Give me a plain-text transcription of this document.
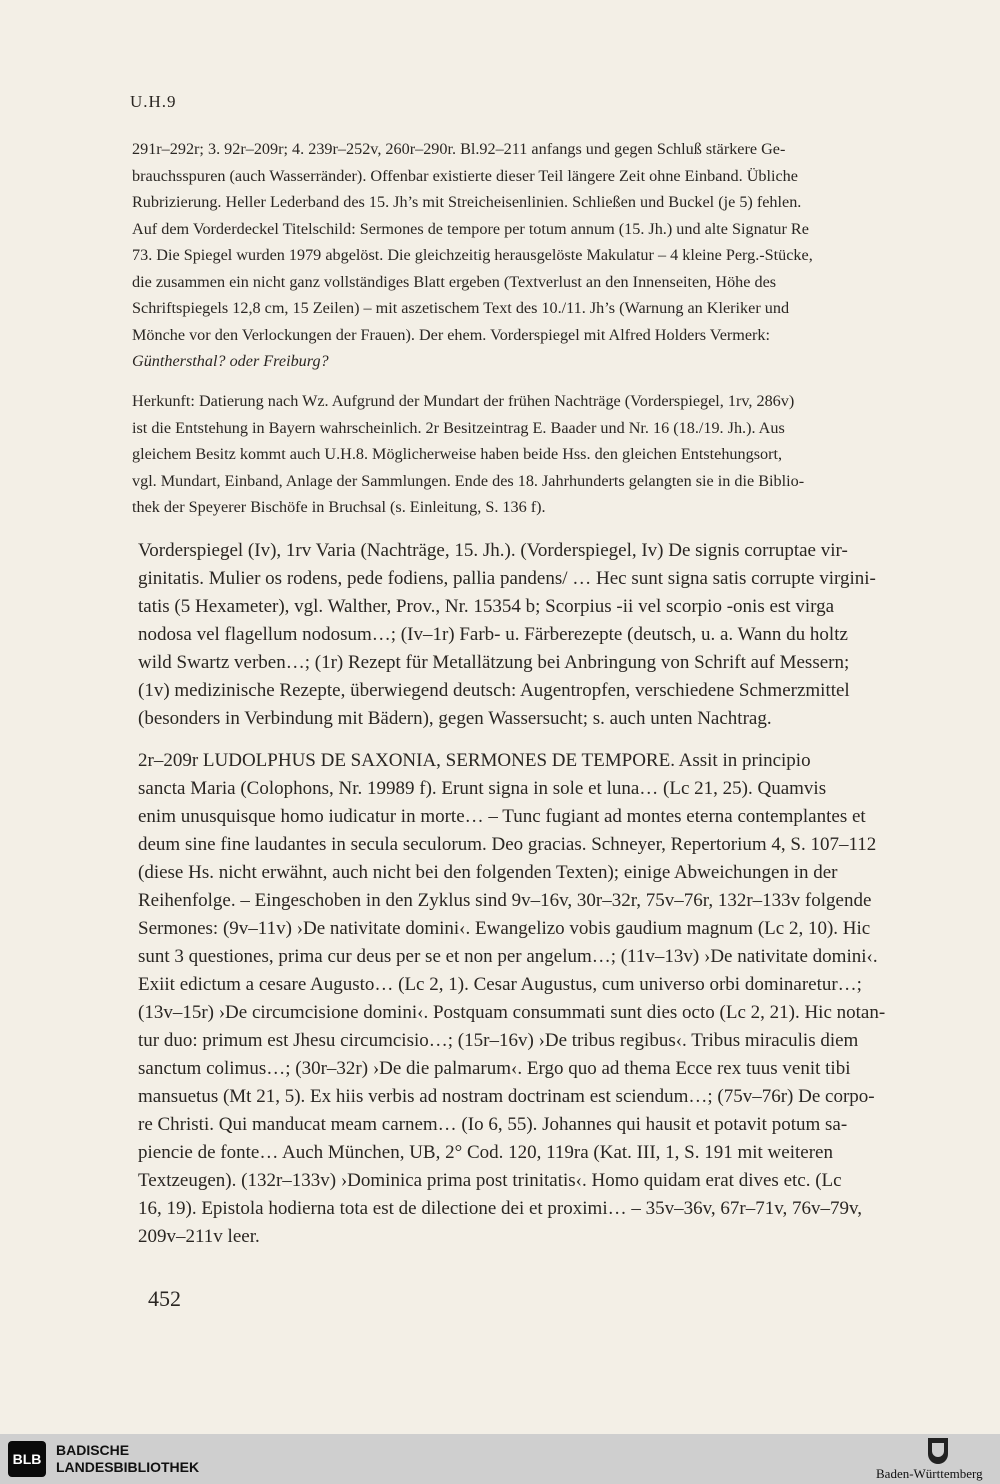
U.H.9
291r–292r; 3. 92r–209r; 4. 239r–252v, 260r–290r. Bl.92–211 anfangs und gegen Schluß stärkere Ge-
brauchsspuren (auch Wasserränder). Offenbar existierte dieser Teil längere Zeit ohne Einband. Übliche
Rubrizierung. Heller Lederband des 15. Jh’s mit Streicheisenlinien. Schließen und Buckel (je 5) fehlen.
Auf dem Vorderdeckel Titelschild: Sermones de tempore per totum annum (15. Jh.) und alte Signatur Re
73. Die Spiegel wurden 1979 abgelöst. Die gleichzeitig herausgelöste Makulatur – 4 kleine Perg.-Stücke,
die zusammen ein nicht ganz vollständiges Blatt ergeben (Textverlust an den Innenseiten, Höhe des
Schriftspiegels 12,8 cm, 15 Zeilen) – mit aszetischem Text des 10./11. Jh’s (Warnung an Kleriker und
Mönche vor den Verlockungen der Frauen). Der ehem. Vorderspiegel mit Alfred Holders Vermerk:
Günthersthal? oder Freiburg?
Herkunft: Datierung nach Wz. Aufgrund der Mundart der frühen Nachträge (Vorderspiegel, 1rv, 286v)
ist die Entstehung in Bayern wahrscheinlich. 2r Besitzeintrag E. Baader und Nr. 16 (18./19. Jh.). Aus
gleichem Besitz kommt auch U.H.8. Möglicherweise haben beide Hss. den gleichen Entstehungsort,
vgl. Mundart, Einband, Anlage der Sammlungen. Ende des 18. Jahrhunderts gelangten sie in die Biblio-
thek der Speyerer Bischöfe in Bruchsal (s. Einleitung, S. 136 f).
Vorderspiegel (Iv), 1rv Varia (Nachträge, 15. Jh.). (Vorderspiegel, Iv) De signis corruptae vir-
ginitatis. Mulier os rodens, pede fodiens, pallia pandens/ … Hec sunt signa satis corrupte virgini-
tatis (5 Hexameter), vgl. Walther, Prov., Nr. 15354 b; Scorpius -ii vel scorpio -onis est virga
nodosa vel flagellum nodosum…; (Iv–1r) Farb- u. Färberezepte (deutsch, u. a. Wann du holtz
wild Swartz verben…; (1r) Rezept für Metallätzung bei Anbringung von Schrift auf Messern;
(1v) medizinische Rezepte, überwiegend deutsch: Augentropfen, verschiedene Schmerzmittel
(besonders in Verbindung mit Bädern), gegen Wassersucht; s. auch unten Nachtrag.
2r–209r LUDOLPHUS DE SAXONIA, SERMONES DE TEMPORE. Assit in principio
sancta Maria (Colophons, Nr. 19989 f). Erunt signa in sole et luna… (Lc 21, 25). Quamvis
enim unusquisque homo iudicatur in morte… – Tunc fugiant ad montes eterna contemplantes et
deum sine fine laudantes in secula seculorum. Deo gracias. Schneyer, Repertorium 4, S. 107–112
(diese Hs. nicht erwähnt, auch nicht bei den folgenden Texten); einige Abweichungen in der
Reihenfolge. – Eingeschoben in den Zyklus sind 9v–16v, 30r–32r, 75v–76r, 132r–133v folgende
Sermones: (9v–11v) ›De nativitate domini‹. Ewangelizo vobis gaudium magnum (Lc 2, 10). Hic
sunt 3 questiones, prima cur deus per se et non per angelum…; (11v–13v) ›De nativitate domini‹.
Exiit edictum a cesare Augusto… (Lc 2, 1). Cesar Augustus, cum universo orbi dominaretur…;
(13v–15r) ›De circumcisione domini‹. Postquam consummati sunt dies octo (Lc 2, 21). Hic notan-
tur duo: primum est Jhesu circumcisio…; (15r–16v) ›De tribus regibus‹. Tribus miraculis diem
sanctum colimus…; (30r–32r) ›De die palmarum‹. Ergo quo ad thema Ecce rex tuus venit tibi
mansuetus (Mt 21, 5). Ex hiis verbis ad nostram doctrinam est sciendum…; (75v–76r) De corpo-
re Christi. Qui manducat meam carnem… (Io 6, 55). Johannes qui hausit et potavit potum sa-
piencie de fonte… Auch München, UB, 2° Cod. 120, 119ra (Kat. III, 1, S. 191 mit weiteren
Textzeugen). (132r–133v) ›Dominica prima post trinitatis‹. Homo quidam erat dives etc. (Lc
16, 19). Epistola hodierna tota est de dilectione dei et proximi… – 35v–36v, 67r–71v, 76v–79v,
209v–211v leer.
452
BLB
BADISCHE
LANDESBIBLIOTHEK	Baden-Württemberg
